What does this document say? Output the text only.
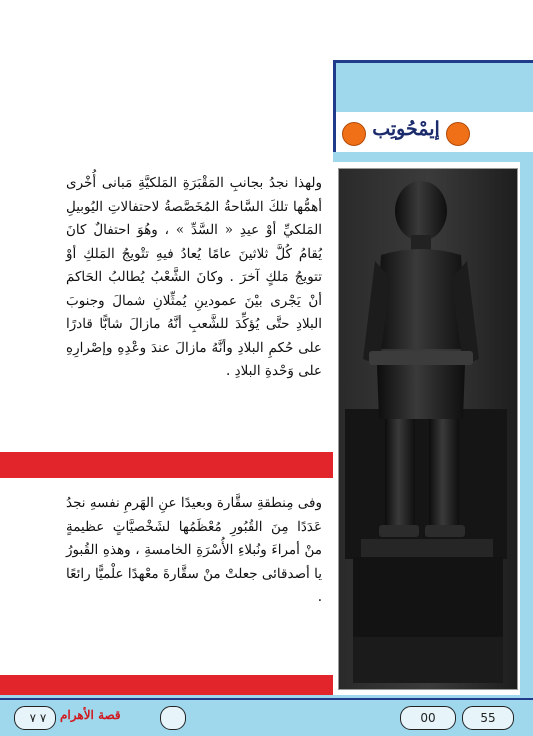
إيمْحُوتِب
ولهذا نجدُ بجانبِ المَقْبَرَةِ المَلكيَّةِ مَبانى أُخْرى أهمُّها تلكَ السَّاحةُ المُخَصَّصةُ لاحتفالاتِ اليُوبيلِ المَلكيِّ أوْ عيدِ « السَّدِّ » ، وهُوَ احتفالٌ كانَ يُقامُ كُلَّ ثلاثينَ عامًا يُعادُ فيهِ تتْويجُ المَلكِ أوْ تتويجُ مَلكٍ آخرَ . وكانَ الشَّعْبُ يُطالبُ الحَاكمَ أنْ يَجْرى بيْنَ عمودينِ يُمثِّلانِ شمالَ وجنوبَ البلادِ حتَّى يُؤكِّدَ للشَّعبِ أنَّهُ مازالَ شابًّا قادرًا على حُكمِ البلادِ وأنَّهُ مازالَ عندَ وعْدِهِ وإصْرارِهِ على وَحْدةِ البلادِ .
وفى مِنطقةِ سقَّارة وبعيدًا عنِ الهَرمِ نفسهِ نجدُ عَدَدًا مِنَ القُبُورِ مُعْظَمُها لشَخْصيَّاتٍ عظيمةٍ منْ أمراءَ ونُبلاءِ الأُسْرَةِ الخامسةِ ، وهذهِ القُبورُ يا أصدقائى جعلتْ منْ سقَّارةَ معْهدًا علْميًّا رائعًا .
٧ ٧	قصة الأهرام	00	55
